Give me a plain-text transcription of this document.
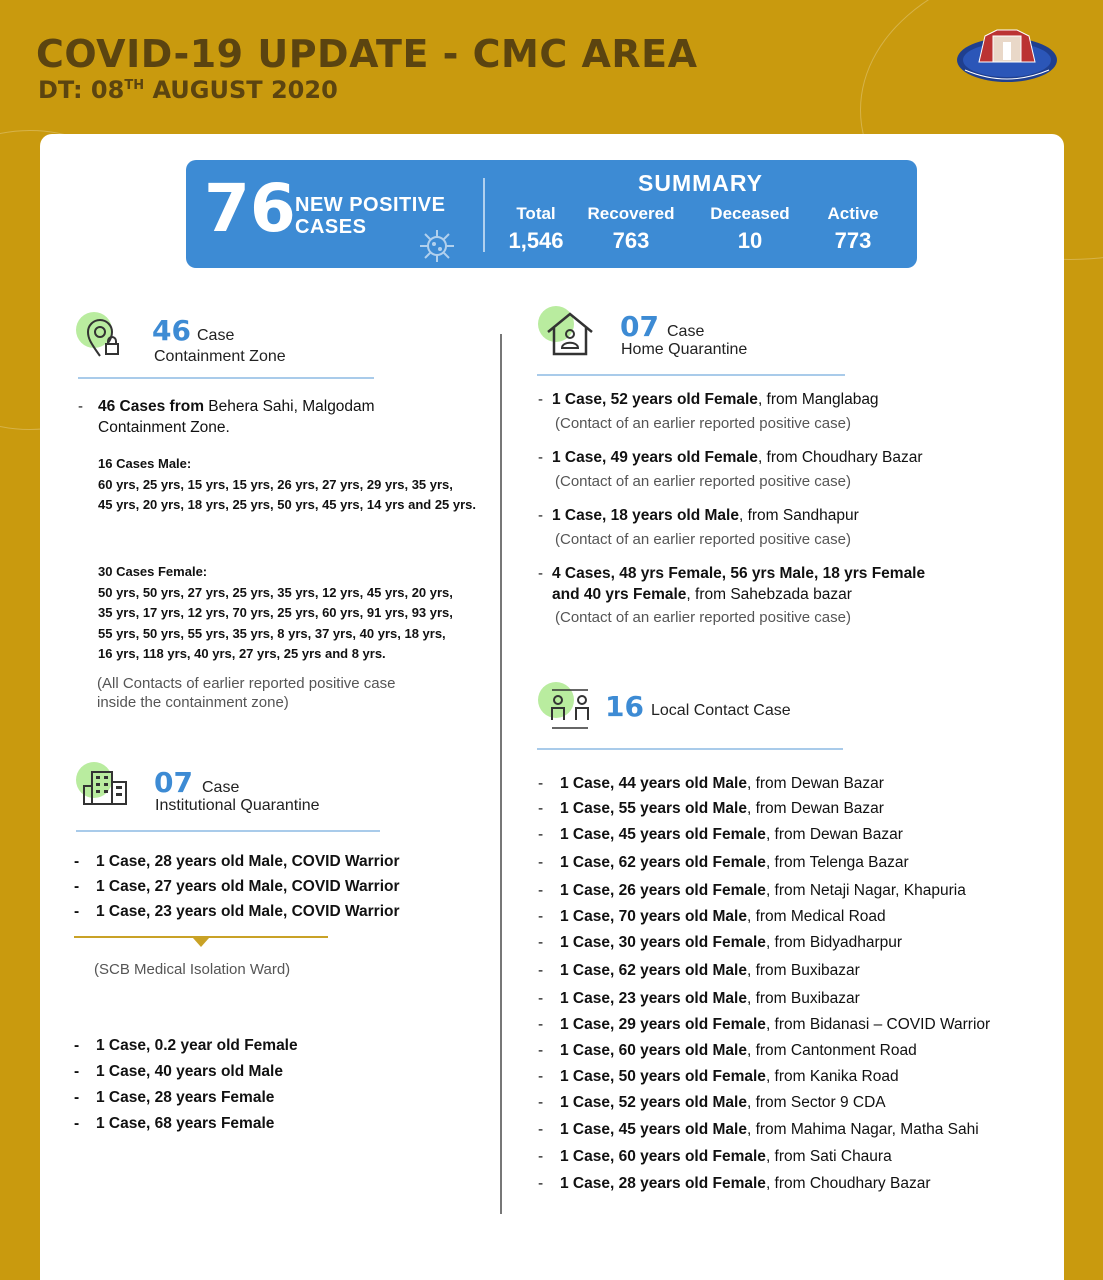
COVID-19 UPDATE - CMC AREA
DT: 08TH AUGUST 2020
76 NEW POSITIVE
CASES
SUMMARY
Total
1,546
Recovered
763
Deceased
10
Active
773
46 Case
Containment Zone
- 46 Cases from Behera Sahi, Malgodam
Containment Zone.
16 Cases Male:
60 yrs, 25 yrs, 15 yrs, 15 yrs, 26 yrs, 27 yrs, 29 yrs, 35 yrs,
45 yrs, 20 yrs, 18 yrs, 25 yrs, 50 yrs, 45 yrs, 14 yrs and 25 yrs.
30 Cases Female:
50 yrs, 50 yrs, 27 yrs, 25 yrs, 35 yrs, 12 yrs, 45 yrs, 20 yrs,
35 yrs, 17 yrs, 12 yrs, 70 yrs, 25 yrs, 60 yrs, 91 yrs, 93 yrs,
55 yrs, 50 yrs, 55 yrs, 35 yrs, 8 yrs, 37 yrs, 40 yrs, 18 yrs,
16 yrs, 118 yrs, 40 yrs, 27 yrs, 25 yrs and 8 yrs.
(All Contacts of earlier reported positive case
inside the containment zone)
07 Case
Institutional Quarantine
- 1 Case, 28 years old Male, COVID Warrior
- 1 Case, 27 years old Male, COVID Warrior
- 1 Case, 23 years old Male, COVID Warrior
(SCB Medical Isolation Ward)
- 1 Case, 0.2 year old Female
- 1 Case, 40 years old Male
- 1 Case, 28 years Female
- 1 Case, 68 years Female
07 Case
Home Quarantine
- 1 Case, 52 years old Female, from Manglabag
(Contact of an earlier reported positive case)
- 1 Case, 49 years old Female, from Choudhary Bazar
(Contact of an earlier reported positive case)
- 1 Case, 18 years old Male, from Sandhapur
(Contact of an earlier reported positive case)
- 4 Cases, 48 yrs Female, 56 yrs Male, 18 yrs Female
and 40 yrs Female, from Sahebzada bazar
(Contact of an earlier reported positive case)
16 Local Contact Case
- 1 Case, 44 years old Male, from Dewan Bazar
- 1 Case, 55 years old Male, from Dewan Bazar
- 1 Case, 45 years old Female, from Dewan Bazar
- 1 Case, 62 years old Female, from Telenga Bazar
- 1 Case, 26 years old Female, from Netaji Nagar, Khapuria
- 1 Case, 70 years old Male, from Medical Road
- 1 Case, 30 years old Female, from Bidyadharpur
- 1 Case, 62 years old Male, from Buxibazar
- 1 Case, 23 years old Male, from Buxibazar
- 1 Case, 29 years old Female, from Bidanasi – COVID Warrior
- 1 Case, 60 years old Male, from Cantonment Road
- 1 Case, 50 years old Female, from Kanika Road
- 1 Case, 52 years old Male, from Sector 9 CDA
- 1 Case, 45 years old Male, from Mahima Nagar, Matha Sahi
- 1 Case, 60 years old Female, from Sati Chaura
- 1 Case, 28 years old Female, from Choudhary Bazar
